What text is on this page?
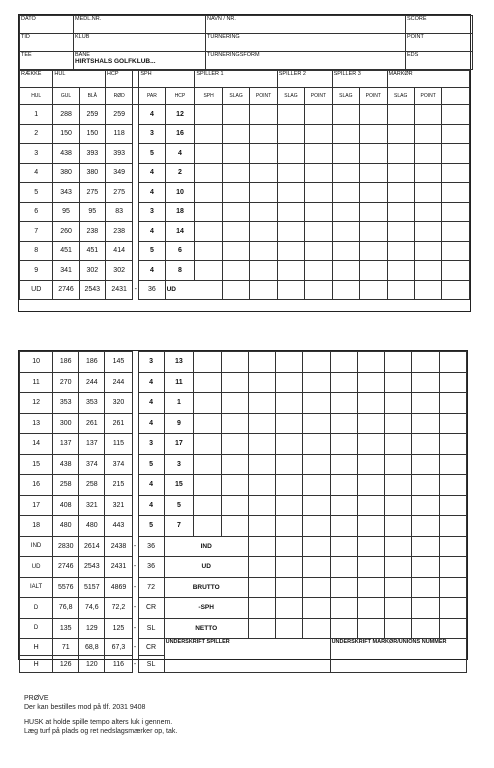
DATO	MEDL.NR.	NAVN / NR.	SCORE
TID	KLUB	TURNERING	POINT
TEE	BANE
HIRTSHALS GOLFKLUB...	TURNERINGSFORM	EDS
RÆKKE	HUL		HCP		SPH		SPILLER 1			SPILLER 2		SPILLER 3		MARKØR		
HUL	GUL	BLÅ	RØD		PAR	HCP	SPH	SLAG	POINT	SLAG	POINT	SLAG	POINT	SLAG	POINT	
1	288	259	259		4	12										
2	150	150	118		3	16										
3	438	393	393		5	4										
4	380	380	349		4	2										
5	343	275	275		4	10										
6	95	95	83		3	18										
7	260	238	238		4	14										
8	451	451	414		5	6										
9	341	302	302		4	8										
UD	2746	2543	2431	-	36	UD										
10	186	186	145		3	13										
11	270	244	244		4	11										
12	353	353	320		4	1										
13	300	261	261		4	9										
14	137	137	115		3	17										
15	438	374	374		5	3										
16	258	258	215		4	15										
17	408	321	321		4	5										
18	480	480	443		5	7										
IND	2830	2614	2438	-	36	IND										
UD	2746	2543	2431	-	36	UD										
IALT	5576	5157	4869	-	72	BRUTTO										
D	76,8	74,6	72,2	-	CR	-SPH										
D	135	129	125	-	SL	NETTO										
H	71	68,8	67,3	-	CR	UNDERSKRIFT SPILLER						UNDERSKRIFT MARKØR/UNIONS NUMMER				
H	126	120	116	-	SL											
PRØVE
Der kan bestilles mod på tlf. 2031 9408
HUSK at holde spille tempo alters luk i gennem.
Læg turf på plads og ret nedslagsmærker op, tak.
